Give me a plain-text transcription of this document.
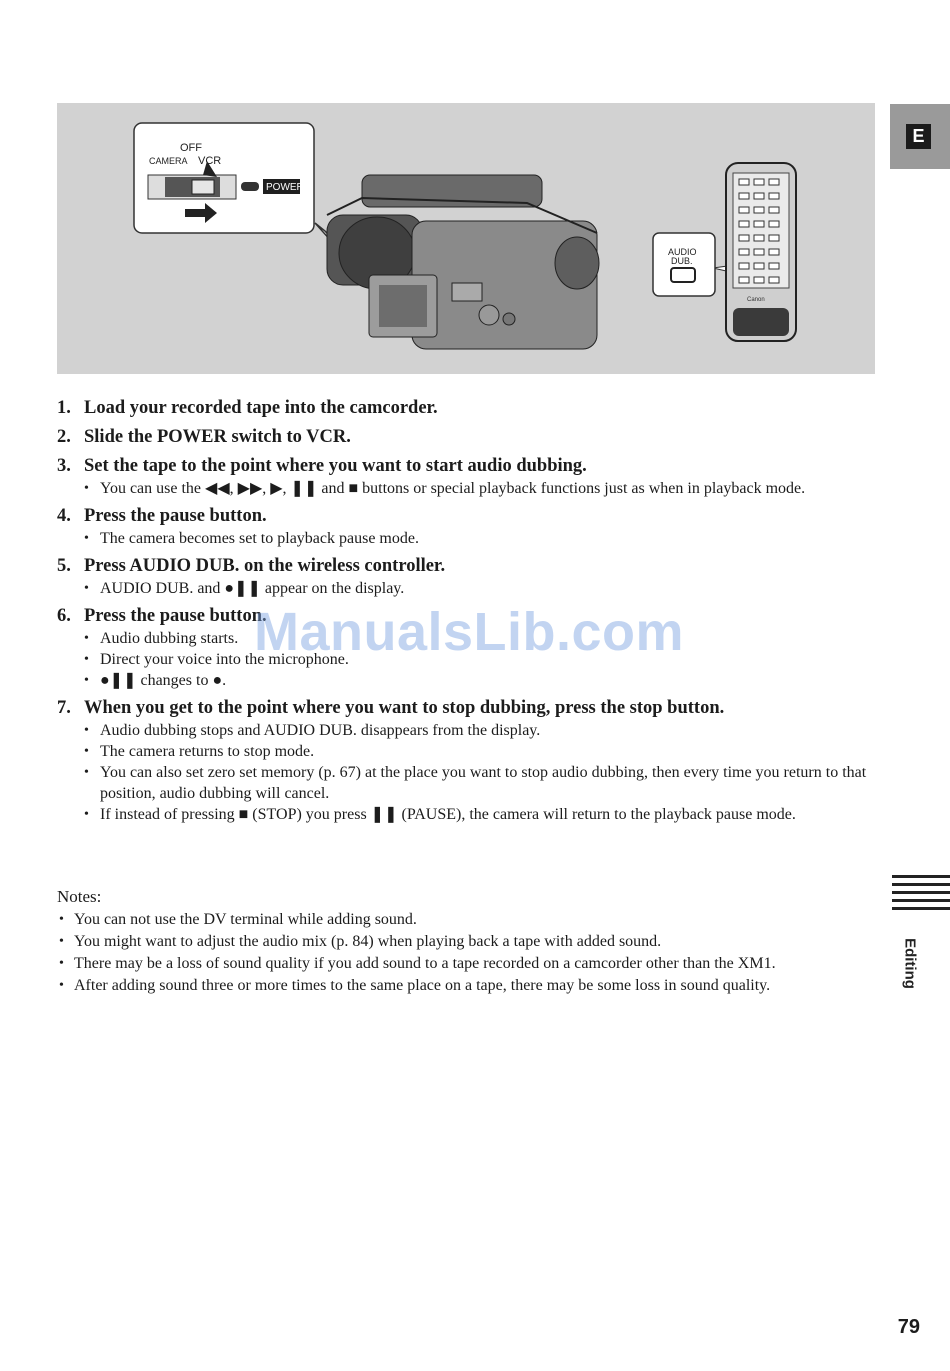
OFF
CAMERA VCR
POWER
AUDIO
DUB.
Canon
E
1. Load your recorded tape into the camcorder.
2. Slide the POWER switch to VCR.
3. Set the tape to the point where you want to start audio dubbing.
• You can use the ◀◀, ▶▶, ▶, ❚❚ and ■ buttons or special playback functions just as when in playback mode.
4. Press the pause button.
• The camera becomes set to playback pause mode.
5. Press AUDIO DUB. on the wireless controller.
• AUDIO DUB. and ●❚❚ appear on the display.
6. Press the pause button.
• Audio dubbing starts.
• Direct your voice into the microphone.
• ●❚❚ changes to ●.
7. When you get to the point where you want to stop dubbing, press the stop button.
• Audio dubbing stops and AUDIO DUB. disappears from the display.
• The camera returns to stop mode.
• You can also set zero set memory (p. 67) at the place you want to stop audio dubbing, then every time you return to that position, audio dubbing will cancel.
• If instead of pressing ■ (STOP) you press ❚❚ (PAUSE), the camera will return to the playback pause mode.
Notes:
• You can not use the DV terminal while adding sound.
• You might want to adjust the audio mix (p. 84) when playing back a tape with added sound.
• There may be a loss of sound quality if you add sound to a tape recorded on a camcorder other than the XM1.
• After adding sound three or more times to the same place on a tape, there may be some loss in sound quality.	Editing
79
ManualsLib.com
